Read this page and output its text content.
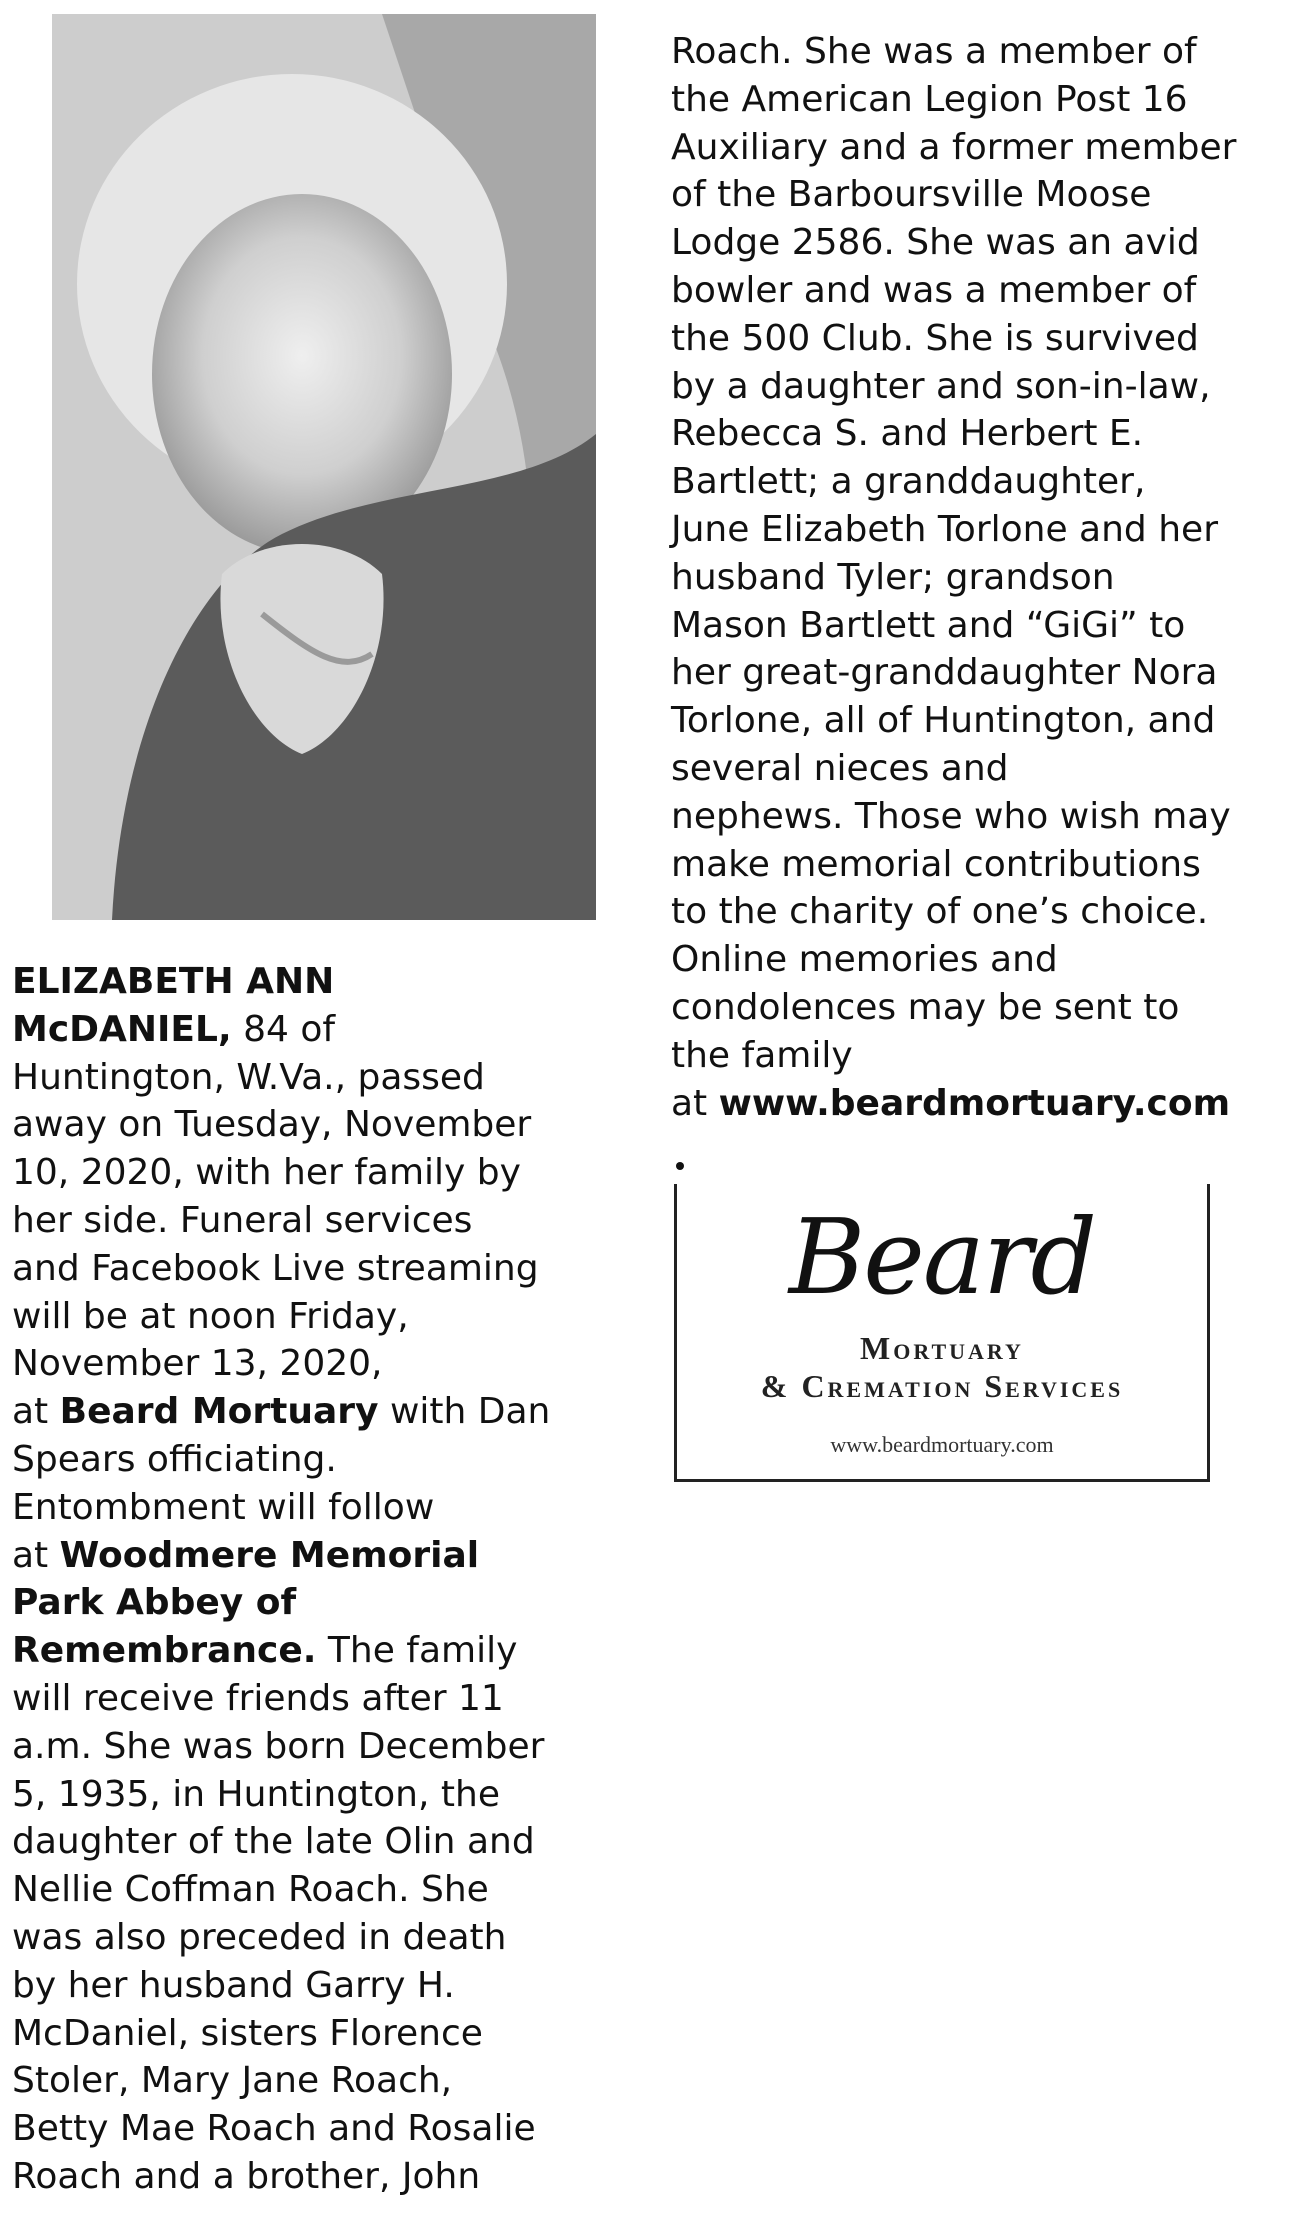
ELIZABETH ANN
McDANIEL, 84 of
Huntington, W.Va., passed
away on Tuesday, November
10, 2020, with her family by
her side. Funeral services
and Facebook Live streaming
will be at noon Friday,
November 13, 2020,
at Beard Mortuary with Dan
Spears officiating.
Entombment will follow
at Woodmere Memorial
Park Abbey of
Remembrance. The family
will receive friends after 11
a.m. She was born December
5, 1935, in Huntington, the
daughter of the late Olin and
Nellie Coffman Roach. She
was also preceded in death
by her husband Garry H.
McDaniel, sisters Florence
Stoler, Mary Jane Roach,
Betty Mae Roach and Rosalie
Roach and a brother, John
Roach. She was a member of
the American Legion Post 16
Auxiliary and a former member
of the Barboursville Moose
Lodge 2586. She was an avid
bowler and was a member of
the 500 Club. She is survived
by a daughter and son-in-law,
Rebecca S. and Herbert E.
Bartlett; a granddaughter,
June Elizabeth Torlone and her
husband Tyler; grandson
Mason Bartlett and “GiGi” to
her great-granddaughter Nora
Torlone, all of Huntington, and
several nieces and
nephews. Those who wish may
make memorial contributions
to the charity of one’s choice.
Online memories and
condolences may be sent to
the family
at www.beardmortuary.com
Beard
Mortuary
& Cremation Services
www.beardmortuary.com
